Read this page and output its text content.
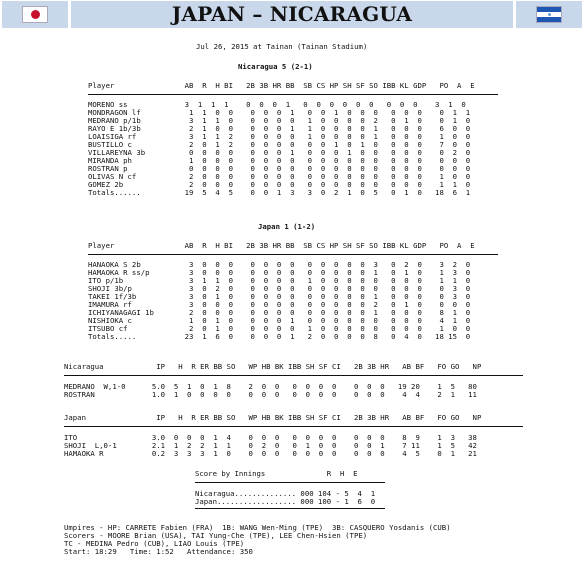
JAPAN – NICARAGUA
Jul 26, 2015 at Tainan (Tainan Stadium)
Nicaragua 5 (2-1)
Player                AB  R  H BI   2B 3B HR BB  SB CS HP SH SF SO IBB KL GDP   PO  A  E
MORENO ss             3  1  1  1    0  0  0  1   0  0  0  0  0  0   0  0  0    3  1  0
MONDRAGON lf           1  1  0  0    0  0  0  1   0  0  1  0  0  0   0  0  0    0  1  1
MEDRANO p/1b           3  1  1  0    0  0  0  0   1  0  0  0  0  2   0  1  0    0  1  0
RAYO E 1b/3b           2  1  0  0    0  0  0  1   1  0  0  0  0  1   0  0  0    6  0  0
LOAISIGA rf            3  1  1  2    0  0  0  0   1  0  0  0  0  1   0  0  0    1  0  0
BUSTILLO c             2  0  1  2    0  0  0  0   0  0  1  0  1  0   0  0  0    7  0  0
VILLAREYNA 3b          0  0  0  0    0  0  0  1   0  0  0  1  0  0   0  0  0    0  2  0
MIRANDA ph             1  0  0  0    0  0  0  0   0  0  0  0  0  0   0  0  0    0  0  0
ROSTRAN p              0  0  0  0    0  0  0  0   0  0  0  0  0  0   0  0  0    0  0  0
OLIVAS N cf            2  0  0  0    0  0  0  0   0  0  0  0  0  0   0  0  0    1  0  0
GOMEZ 2b               2  0  0  0    0  0  0  0   0  0  0  0  0  0   0  0  0    1  1  0
Totals......          19  5  4  5    0  0  1  3   3  0  2  1  0  5   0  1  0   18  6  1
Japan 1 (1-2)
Player                AB  R  H BI   2B 3B HR BB  SB CS HP SH SF SO IBB KL GDP   PO  A  E
HANAOKA S 2b           3  0  0  0    0  0  0  0   0  0  0  0  0  3   0  2  0    3  2  0
HAMAOKA R ss/p         3  0  0  0    0  0  0  0   0  0  0  0  0  1   0  1  0    1  3  0
ITO p/1b               3  1  1  0    0  0  0  0   1  0  0  0  0  0   0  0  0    1  1  0
SHOJI 3b/p             3  0  2  0    0  0  0  0   0  0  0  0  0  0   0  0  0    0  3  0
TAKEI 1f/3b            3  0  1  0    0  0  0  0   0  0  0  0  0  1   0  0  0    0  3  0
IMAMURA rf             3  0  0  0    0  0  0  0   0  0  0  0  0  2   0  1  0    0  0  0
ICHIYANAGAGI 1b        2  0  0  0    0  0  0  0   0  0  0  0  0  1   0  0  0    8  1  0
NISHIOKA c             1  0  1  0    0  0  0  1   0  0  0  0  0  0   0  0  0    4  1  0
ITSUBO cf              2  0  1  0    0  0  0  0   1  0  0  0  0  0   0  0  0    1  0  0
Totals.....           23  1  6  0    0  0  0  1   2  0  0  0  0  8   0  4  0   18 15  0
Nicaragua            IP   H  R ER BB SO   WP HB BK IBB SH SF CI   2B 3B HR   AB BF   FO GO   NP
MEDRANO  W,1-0      5.0  5  1  0  1  8    2  0  0   0  0  0  0    0  0  0   19 20    1  5   80
ROSTRAN             1.0  1  0  0  0  0    0  0  0   0  0  0  0    0  0  0    4  4    2  1   11
Japan                IP   H  R ER BB SO   WP HB BK IBB SH SF CI   2B 3B HR   AB BF   FO GO   NP
ITO                 3.0  0  0  0  1  4    0  0  0   0  0  0  0    0  0  0    8  9    1  3   38
SHOJI  L,0-1        2.1  1  2  2  1  1    0  2  0   0  1  0  0    0  0  1    7 11    1  5   42
HAMAOKA R           0.2  3  3  3  1  0    0  0  0   0  0  0  0    0  0  0    4  5    0  1   21
Score by Innings              R  H  E
Nicaragua.............. 000 104 - 5  4  1
Japan.................. 000 100 - 1  6  0
Umpires - HP: CARRETE Fabien (FRA)  1B: WANG Wen-Ming (TPE)  3B: CASQUERO Yosdanis (CUB)
Scorers - MOORE Brian (USA), TAI Yung-Che (TPE), LEE Chen-Hsien (TPE)
TC - MEDINA Pedro (CUB), LIAO Louis (TPE)
Start: 18:29   Time: 1:52   Attendance: 350
